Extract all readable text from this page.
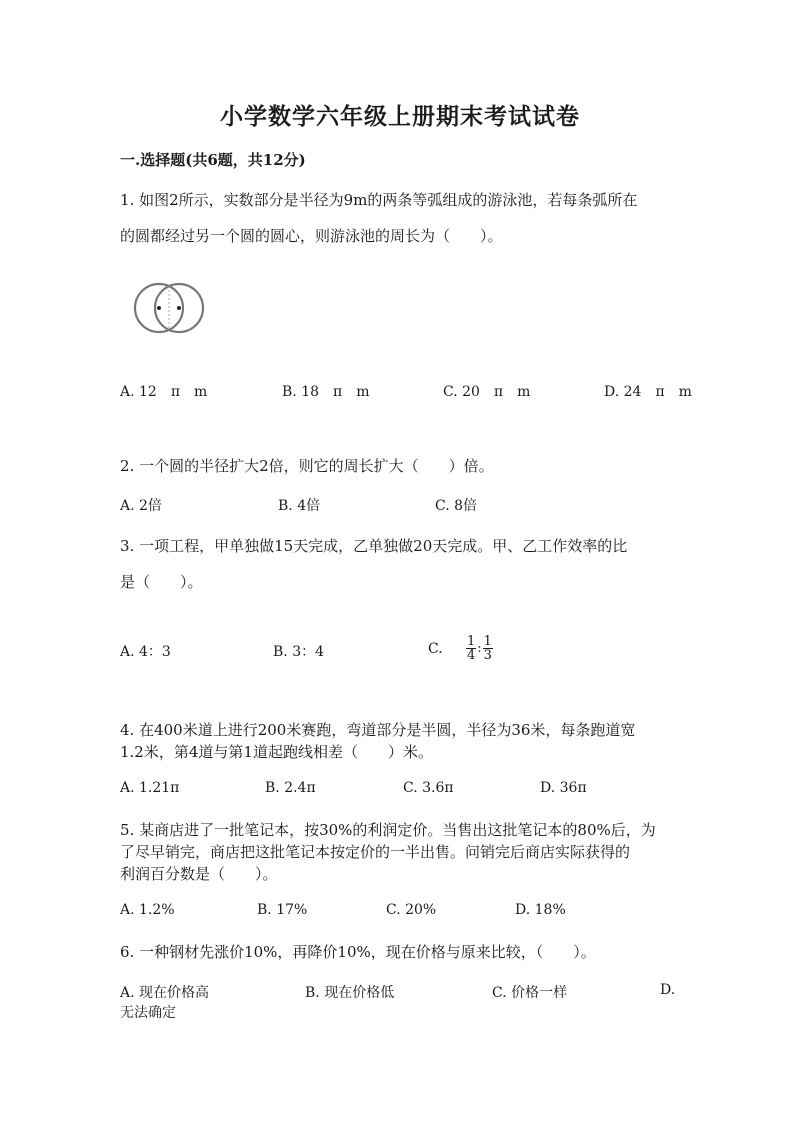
小学数学六年级上册期末考试试卷
一.选择题(共6题，共12分)
1. 如图2所示，实数部分是半径为9m的两条等弧组成的游泳池，若每条弧所在
的圆都经过另一个圆的圆心，则游泳池的周长为（　　）。
A. 12　π　m	B. 18　π　m	C. 20　π　m	D. 24　π　m
2. 一个圆的半径扩大2倍，则它的周长扩大（　　）倍。
A. 2倍	B. 4倍	C. 8倍
3. 一项工程，甲单独做15天完成，乙单独做20天完成。甲、乙工作效率的比
是（　　）。
A. 4：3	B. 3：4	C. $\frac{1}{4}$ : $\frac{1}{3}$
4. 在400米道上进行200米赛跑，弯道部分是半圆，半径为36米，每条跑道宽
1.2米，第4道与第1道起跑线相差（　　）米。
A. 1.21π	B. 2.4π	C. 3.6π	D. 36π
5. 某商店进了一批笔记本，按30%的利润定价。当售出这批笔记本的80%后，为
了尽早销完，商店把这批笔记本按定价的一半出售。问销完后商店实际获得的
利润百分数是（　　）。
A. 1.2%	B. 17%	C. 20%	D. 18%
6. 一种钢材先涨价10%，再降价10%，现在价格与原来比较，（　　）。
A. 现在价格高	B. 现在价格低	C. 价格一样	D.
无法确定
